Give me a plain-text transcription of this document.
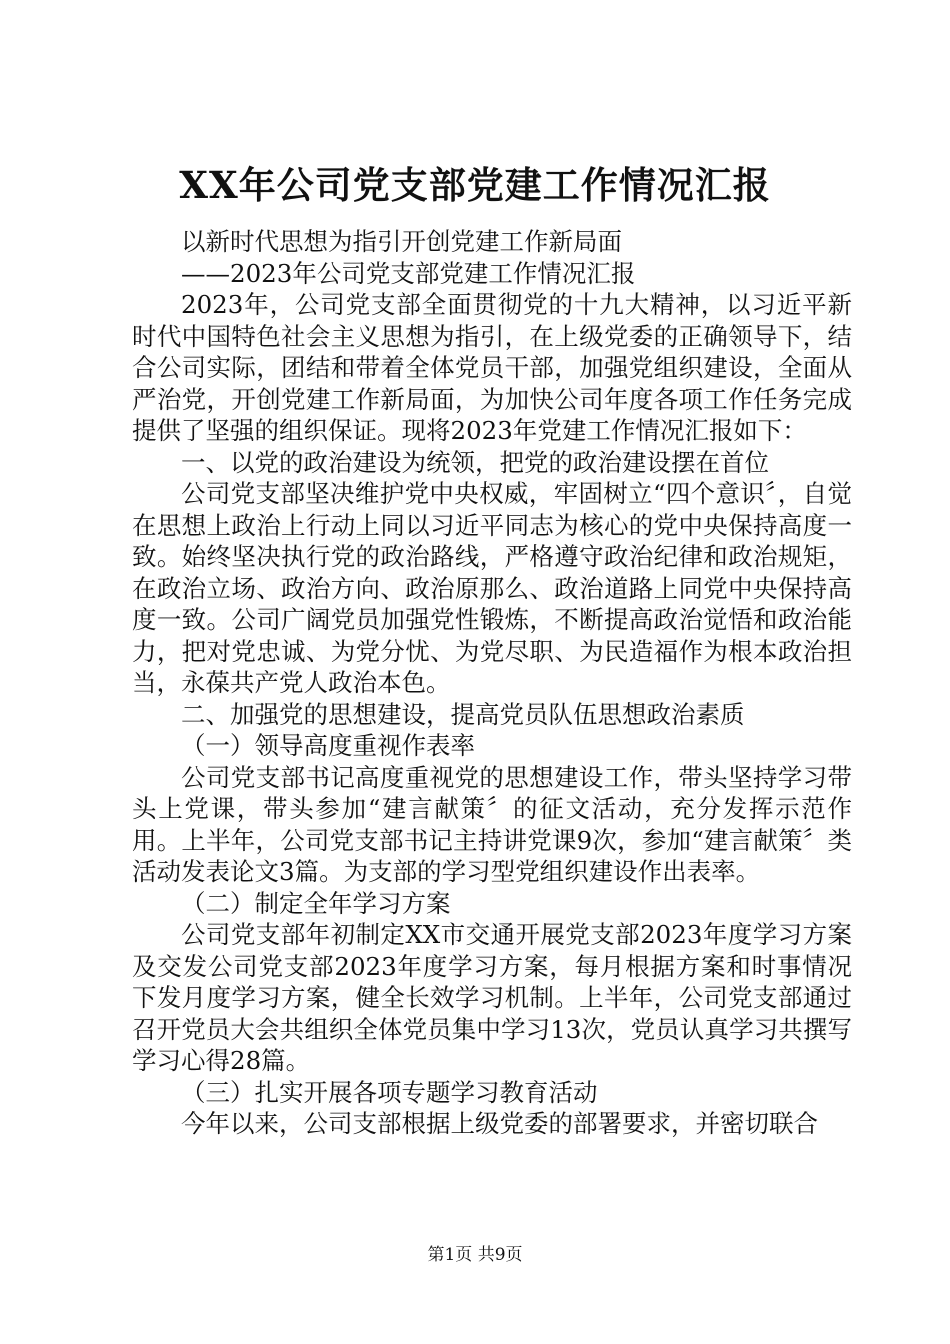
XX年公司党支部党建工作情况汇报

以新时代思想为指引开创党建工作新局面

——2023年公司党支部党建工作情况汇报

2023年，公司党支部全面贯彻党的十九大精神，以习近平新时代中国特色社会主义思想为指引，在上级党委的正确领导下，结合公司实际，团结和带着全体党员干部，加强党组织建设，全面从严治党，开创党建工作新局面，为加快公司年度各项工作任务完成提供了坚强的组织保证。现将2023年党建工作情况汇报如下：

一、以党的政治建设为统领，把党的政治建设摆在首位

公司党支部坚决维护党中央权威，牢固树立“四个意识〞，自觉在思想上政治上行动上同以习近平同志为核心的党中央保持高度一致。始终坚决执行党的政治路线，严格遵守政治纪律和政治规矩，在政治立场、政治方向、政治原那么、政治道路上同党中央保持高度一致。公司广阔党员加强党性锻炼，不断提高政治觉悟和政治能力，把对党忠诚、为党分忧、为党尽职、为民造福作为根本政治担当，永葆共产党人政治本色。

二、加强党的思想建设，提高党员队伍思想政治素质

（一）领导高度重视作表率

公司党支部书记高度重视党的思想建设工作，带头坚持学习带头上党课，带头参加“建言献策〞的征文活动，充分发挥示范作用。上半年，公司党支部书记主持讲党课9次，参加“建言献策〞类活动发表论文3篇。为支部的学习型党组织建设作出表率。

（二）制定全年学习方案

公司党支部年初制定XX市交通开展党支部2023年度学习方案及交发公司党支部2023年度学习方案，每月根据方案和时事情况下发月度学习方案，健全长效学习机制。上半年，公司党支部通过召开党员大会共组织全体党员集中学习13次，党员认真学习共撰写学习心得28篇。

（三）扎实开展各项专题学习教育活动

今年以来，公司支部根据上级党委的部署要求，并密切联合

第1页 共9页
